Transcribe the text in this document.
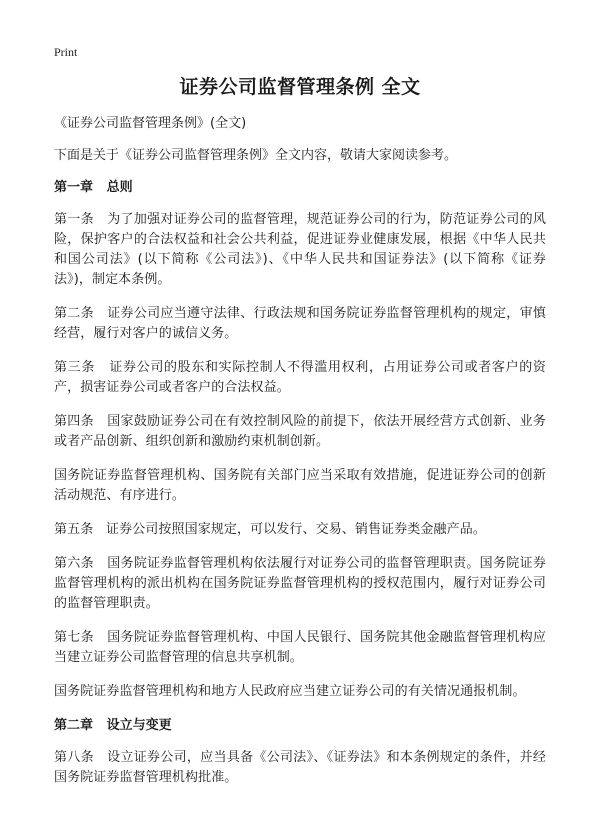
Print
证券公司监督管理条例 全文
《证券公司监督管理条例》(全文)
下面是关于《证券公司监督管理条例》全文内容，敬请大家阅读参考。
第一章   总则
第一条   为了加强对证券公司的监督管理，规范证券公司的行为，防范证券公司的风险，保护客户的合法权益和社会公共利益，促进证券业健康发展，根据《中华人民共和国公司法》(以下简称《公司法》)、《中华人民共和国证券法》(以下简称《证券法》)，制定本条例。
第二条   证券公司应当遵守法律、行政法规和国务院证券监督管理机构的规定，审慎经营，履行对客户的诚信义务。
第三条   证券公司的股东和实际控制人不得滥用权利，占用证券公司或者客户的资产，损害证券公司或者客户的合法权益。
第四条   国家鼓励证券公司在有效控制风险的前提下，依法开展经营方式创新、业务或者产品创新、组织创新和激励约束机制创新。
国务院证券监督管理机构、国务院有关部门应当采取有效措施，促进证券公司的创新活动规范、有序进行。
第五条   证券公司按照国家规定，可以发行、交易、销售证券类金融产品。
第六条   国务院证券监督管理机构依法履行对证券公司的监督管理职责。国务院证券监督管理机构的派出机构在国务院证券监督管理机构的授权范围内，履行对证券公司的监督管理职责。
第七条   国务院证券监督管理机构、中国人民银行、国务院其他金融监督管理机构应当建立证券公司监督管理的信息共享机制。
国务院证券监督管理机构和地方人民政府应当建立证券公司的有关情况通报机制。
第二章   设立与变更
第八条   设立证券公司，应当具备《公司法》、《证券法》和本条例规定的条件，并经国务院证券监督管理机构批准。
